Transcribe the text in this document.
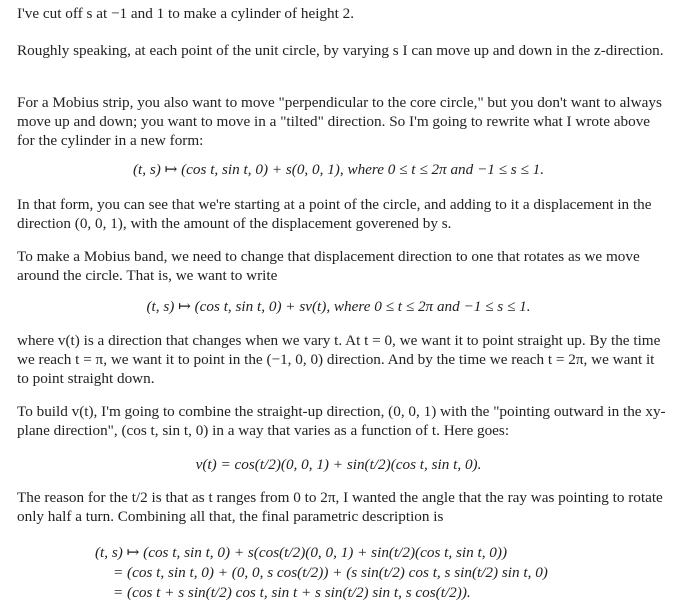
I've cut off s at −1 and 1 to make a cylinder of height 2.

Roughly speaking, at each point of the unit circle, by varying s I can move up and down in the z-direction.

For a Mobius strip, you also want to move "perpendicular to the core circle," but you don't want to always move up and down; you want to move in a "tilted" direction. So I'm going to rewrite what I wrote above for the cylinder in a new form:

(t, s) ↦ (cos t, sin t, 0) + s(0, 0, 1), where 0 ≤ t ≤ 2π and −1 ≤ s ≤ 1.

In that form, you can see that we're starting at a point of the circle, and adding to it a displacement in the direction (0, 0, 1), with the amount of the displacement goverened by s.

To make a Mobius band, we need to change that displacement direction to one that rotates as we move around the circle. That is, we want to write

(t, s) ↦ (cos t, sin t, 0) + sv(t), where 0 ≤ t ≤ 2π and −1 ≤ s ≤ 1.

where v(t) is a direction that changes when we vary t. At t = 0, we want it to point straight up. By the time we reach t = π, we want it to point in the (−1, 0, 0) direction. And by the time we reach t = 2π, we want it to point straight down.

To build v(t), I'm going to combine the straight-up direction, (0, 0, 1) with the "pointing outward in the xy-plane direction", (cos t, sin t, 0) in a way that varies as a function of t. Here goes:

v(t) = cos(t/2)(0, 0, 1) + sin(t/2)(cos t, sin t, 0).

The reason for the t/2 is that as t ranges from 0 to 2π, I wanted the angle that the ray was pointing to rotate only half a turn. Combining all that, the final parametric description is

(t, s) ↦ (cos t, sin t, 0) + s(cos(t/2)(0, 0, 1) + sin(t/2)(cos t, sin t, 0))

= (cos t, sin t, 0) + (0, 0, s cos(t/2)) + (s sin(t/2) cos t, s sin(t/2) sin t, 0)

= (cos t + s sin(t/2) cos t, sin t + s sin(t/2) sin t, s cos(t/2)).
